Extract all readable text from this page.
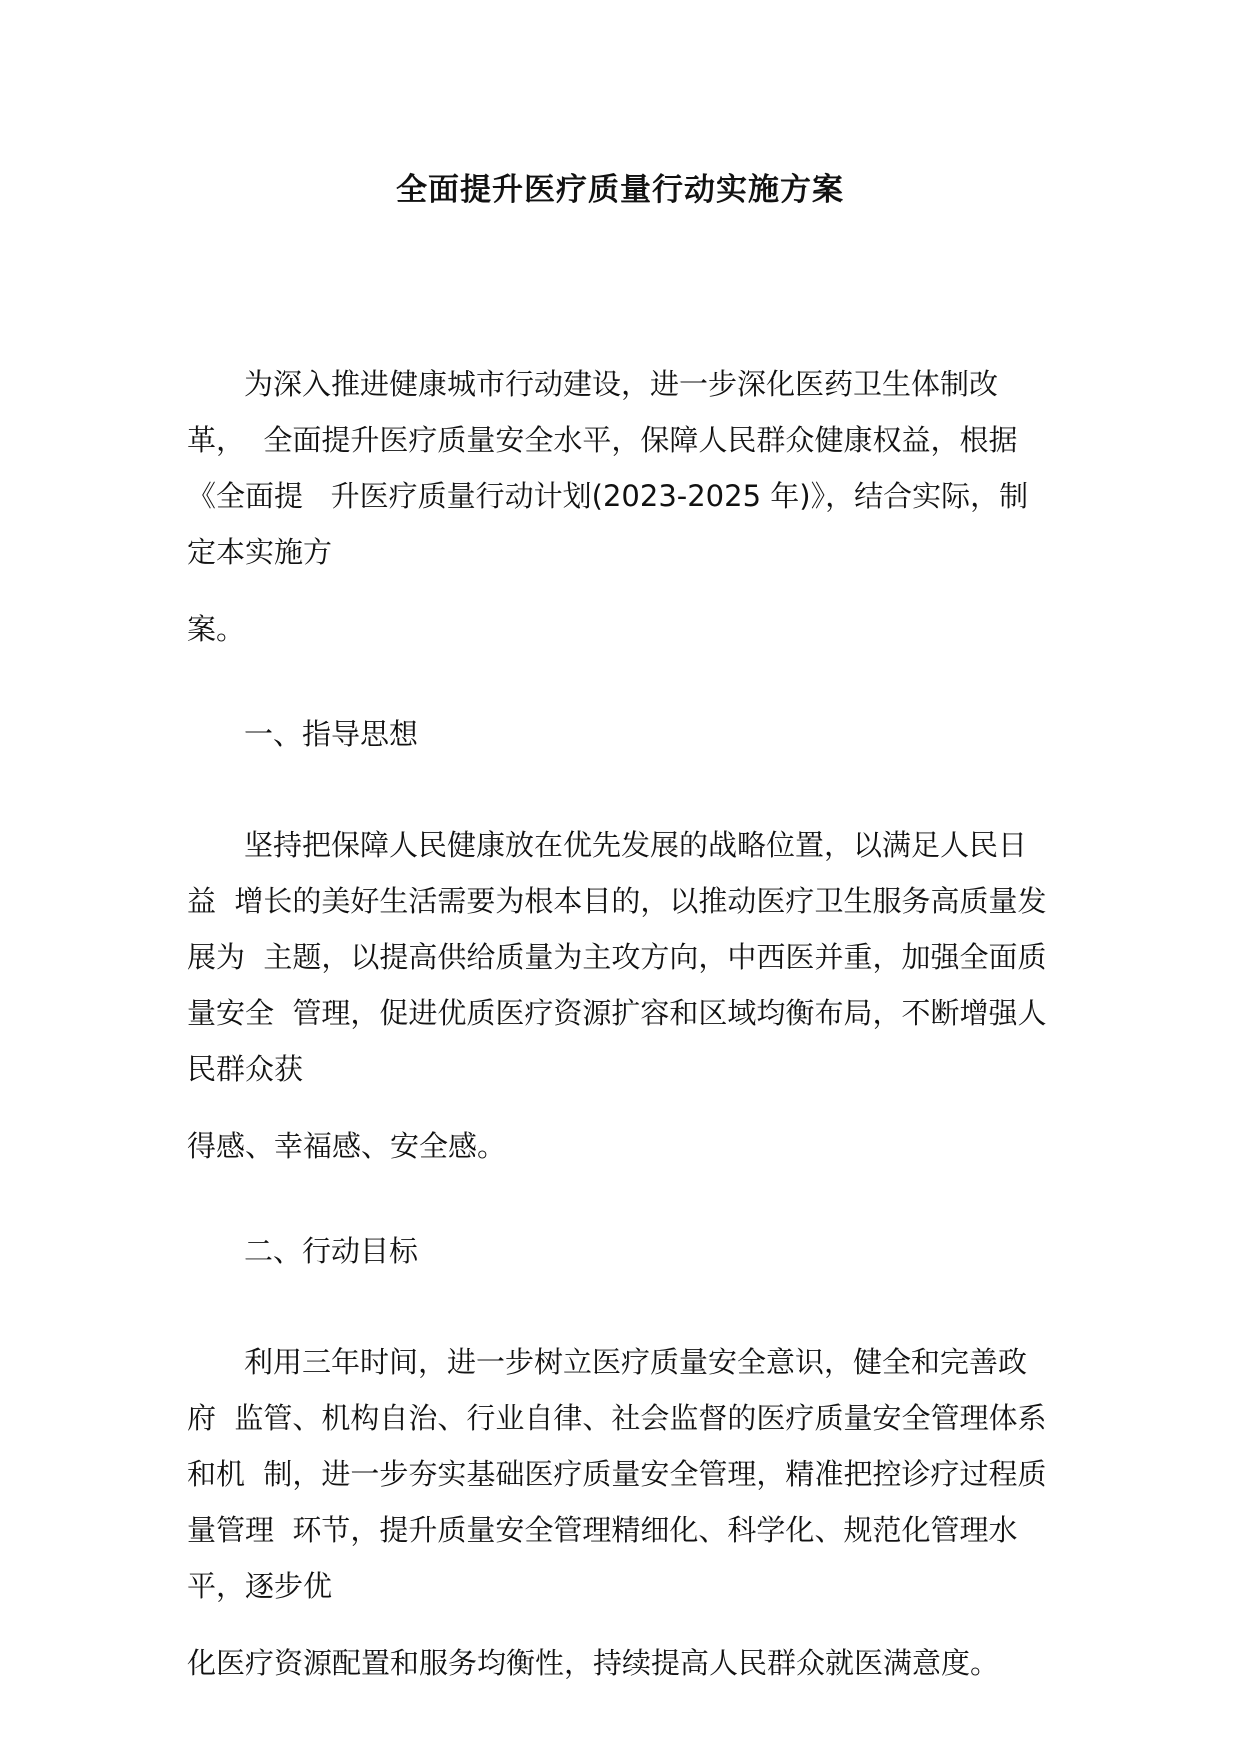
全面提升医疗质量行动实施方案
为深入推进健康城市行动建设，进一步深化医药卫生体制改
革，  全面提升医疗质量安全水平，保障人民群众健康权益，根据
《全面提   升医疗质量行动计划(2023-2025 年)》，结合实际，制
定本实施方
案。
一、指导思想
坚持把保障人民健康放在优先发展的战略位置，以满足人民日
益  增长的美好生活需要为根本目的，以推动医疗卫生服务高质量发
展为  主题，以提高供给质量为主攻方向，中西医并重，加强全面质
量安全  管理，促进优质医疗资源扩容和区域均衡布局，不断增强人
民群众获
得感、幸福感、安全感。
二、行动目标
利用三年时间，进一步树立医疗质量安全意识，健全和完善政
府  监管、机构自治、行业自律、社会监督的医疗质量安全管理体系
和机  制，进一步夯实基础医疗质量安全管理，精准把控诊疗过程质
量管理  环节，提升质量安全管理精细化、科学化、规范化管理水
平，逐步优
化医疗资源配置和服务均衡性，持续提高人民群众就医满意度。
